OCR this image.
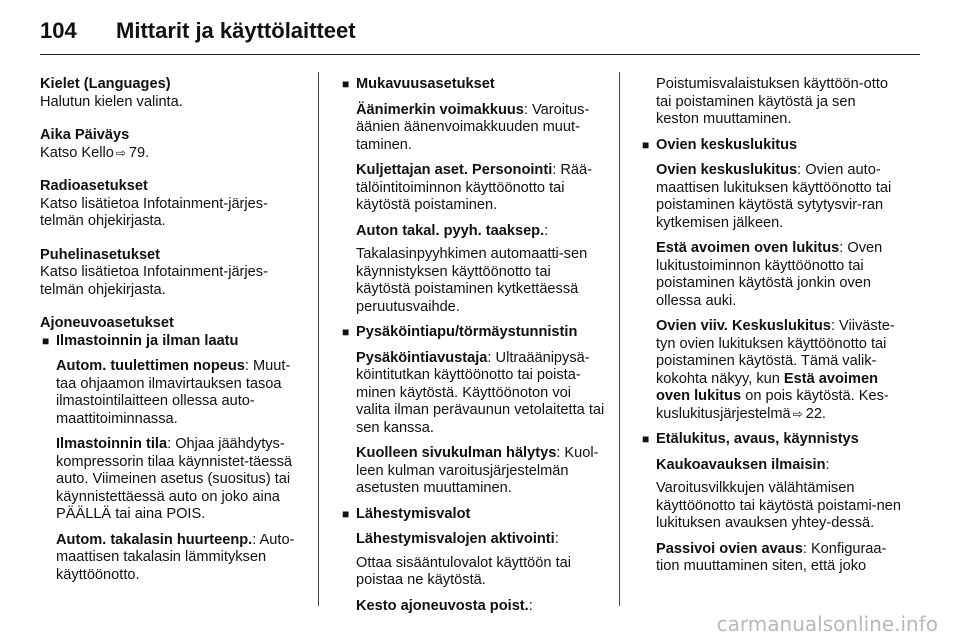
104 Mittarit ja käyttölaitteet

Kielet (Languages)

Halutun kielen valinta.

Aika Päiväys

Katso Kello ⇨ 79.

Radioasetukset

Katso lisätietoa Infotainment-järjes-

telmän ohjekirjasta.

Puhelinasetukset

Katso lisätietoa Infotainment-järjes-

telmän ohjekirjasta.

Ajoneuvoasetukset

■ Ilmastoinnin ja ilman laatu

Autom. tuulettimen nopeus: Muut-taa ohjaamon ilmavirtauksen tasoa ilmastointilaitteen ollessa auto-maattitoiminnassa.

Ilmastoinnin tila: Ohjaa jäähdytys-kompressorin tilaa käynnistet-täessä auto. Viimeinen asetus (suositus) tai käynnistettäessä auto on joko aina PÄÄLLÄ tai aina POIS.

Autom. takalasin huurteenp.: Auto-maattisen takalasin lämmityksen käyttöönotto.

■ Mukavuusasetukset

Äänimerkin voimakkuus: Varoitus-äänien äänenvoimakkuuden muut-taminen.

Kuljettajan aset. Personointi: Rää-tälöintitoiminnon käyttöönotto tai käytöstä poistaminen.

Auton takal. pyyh. taaksep.:

Takalasinpyyhkimen automaatti-sen käynnistyksen käyttöönotto tai käytöstä poistaminen kytkettäessä peruutusvaihde.

■ Pysäköintiapu/törmäystunnistin

Pysäköintiavustaja: Ultraäänipysä-köintitutkan käyttöönotto tai poista-minen käytöstä. Käyttöönoton voi valita ilman perävaunun vetolaitetta tai sen kanssa.

Kuolleen sivukulman hälytys: Kuol-leen kulman varoitusjärjestelmän asetusten muuttaminen.

■ Lähestymisvalot

Lähestymisvalojen aktivointi:

Ottaa sisääntulovalot käyttöön tai poistaa ne käytöstä.

Kesto ajoneuvosta poist.:

Poistumisvalaistuksen käyttöön-otto tai poistaminen käytöstä ja sen keston muuttaminen.

■ Ovien keskuslukitus

Ovien keskuslukitus: Ovien auto-maattisen lukituksen käyttöönotto tai poistaminen käytöstä sytytysvir-ran kytkemisen jälkeen.

Estä avoimen oven lukitus: Oven lukitustoiminnon käyttöönotto tai poistaminen käytöstä jonkin oven ollessa auki.

Ovien viiv. Keskuslukitus: Viiväste-tyn ovien lukituksen käyttöönotto tai poistaminen käytöstä. Tämä valik-kokohta näkyy, kun Estä avoimen oven lukitus on pois käytöstä. Kes-kuslukitusjärjestelmä ⇨ 22.

■ Etälukitus, avaus, käynnistys

Kaukoavauksen ilmaisin:

Varoitusvilkkujen välähtämisen käyttöönotto tai käytöstä poistami-nen lukituksen avauksen yhtey-dessä.

Passivoi ovien avaus: Konfiguraa-tion muuttaminen siten, että joko

carmanualsonline.info
